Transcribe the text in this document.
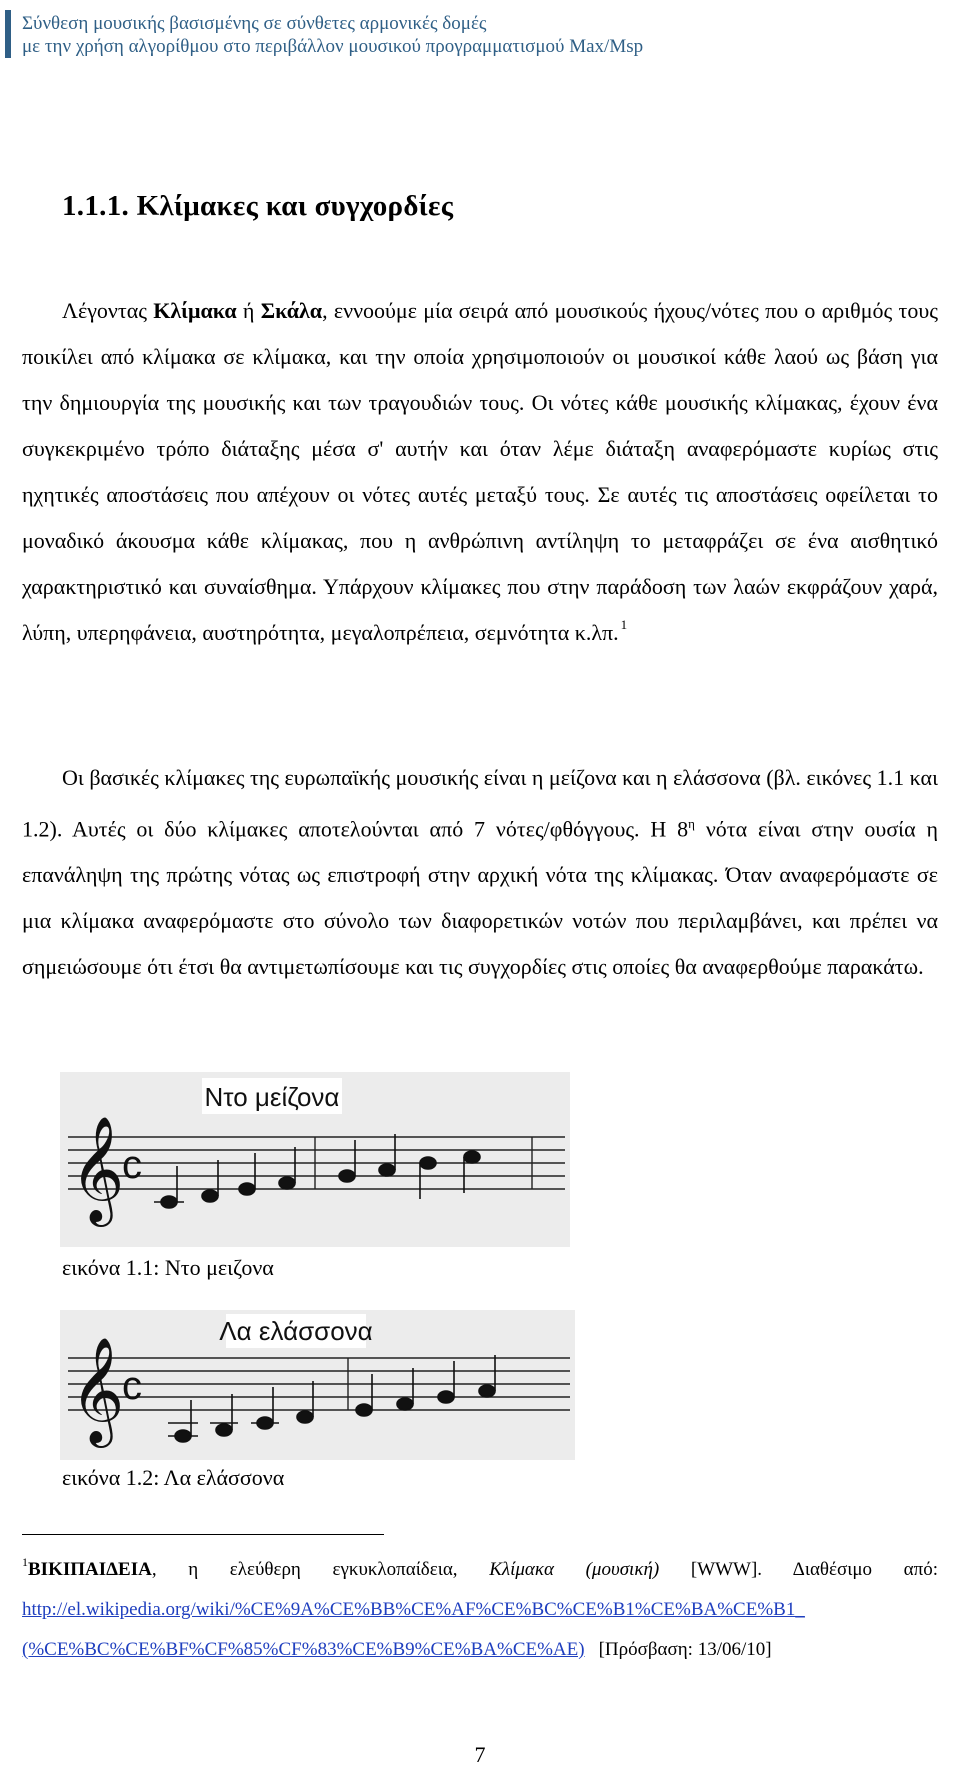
Σύνθεση μουσικής βασισμένης σε σύνθετες αρμονικές δομές
με την χρήση αλγορίθμου στο περιβάλλον μουσικού προγραμματισμού Max/Msp
1.1.1. Κλίμακες και συγχορδίες
Λέγοντας Κλίμακα ή Σκάλα, εννοούμε μία σειρά από μουσικούς ήχους/νότες που ο αριθμός τους ποικίλει από κλίμακα σε κλίμακα, και την οποία χρησιμοποιούν οι μουσικοί κάθε λαού ως βάση για την δημιουργία της μουσικής και των τραγουδιών τους. Οι νότες κάθε μουσικής κλίμακας, έχουν ένα συγκεκριμένο τρόπο διάταξης μέσα σ' αυτήν και όταν λέμε διάταξη αναφερόμαστε κυρίως στις ηχητικές αποστάσεις που απέχουν οι νότες αυτές μεταξύ τους. Σε αυτές τις αποστάσεις οφείλεται το μοναδικό άκουσμα κάθε κλίμακας, που η ανθρώπινη αντίληψη το μεταφράζει σε ένα αισθητικό χαρακτηριστικό και συναίσθημα. Υπάρχουν κλίμακες που στην παράδοση των λαών εκφράζουν χαρά, λύπη, υπερηφάνεια, αυστηρότητα, μεγαλοπρέπεια, σεμνότητα κ.λπ. $^1$
Οι βασικές κλίμακες της ευρωπαϊκής μουσικής είναι η μείζονα και η ελάσσονα (βλ. εικόνες 1.1 και 1.2). Αυτές οι δύο κλίμακες αποτελούνται από 7 νότες/φθόγγους. Η $8^\eta$ νότα είναι στην ουσία η επανάληψη της πρώτης νότας ως επιστροφή στην αρχική νότα της κλίμακας. Όταν αναφερόμαστε σε μια κλίμακα αναφερόμαστε στο σύνολο των διαφορετικών νοτών που περιλαμβάνει, και πρέπει να σημειώσουμε ότι έτσι θα αντιμετωπίσουμε και τις συγχορδίες στις οποίες θα αναφερθούμε παρακάτω.
Ντο μείζονα
𝄞
c
εικόνα 1.1: Ντο μειζονα
Λα ελάσσονα
𝄞
c
εικόνα 1.2: Λα ελάσσονα
$^1$ΒΙΚΙΠΑΙΔΕΙΑ, η ελεύθερη εγκυκλοπαίδεια, Κλίμακα (μουσική) [WWW]. Διαθέσιμο από:
http://el.wikipedia.org/wiki/%CE%9A%CE%BB%CE%AF%CE%BC%CE%B1%CE%BA%CE%B1_
(%CE%BC%CE%BF%CF%85%CF%83%CE%B9%CE%BA%CE%AE) [Πρόσβαση: 13/06/10]
7
